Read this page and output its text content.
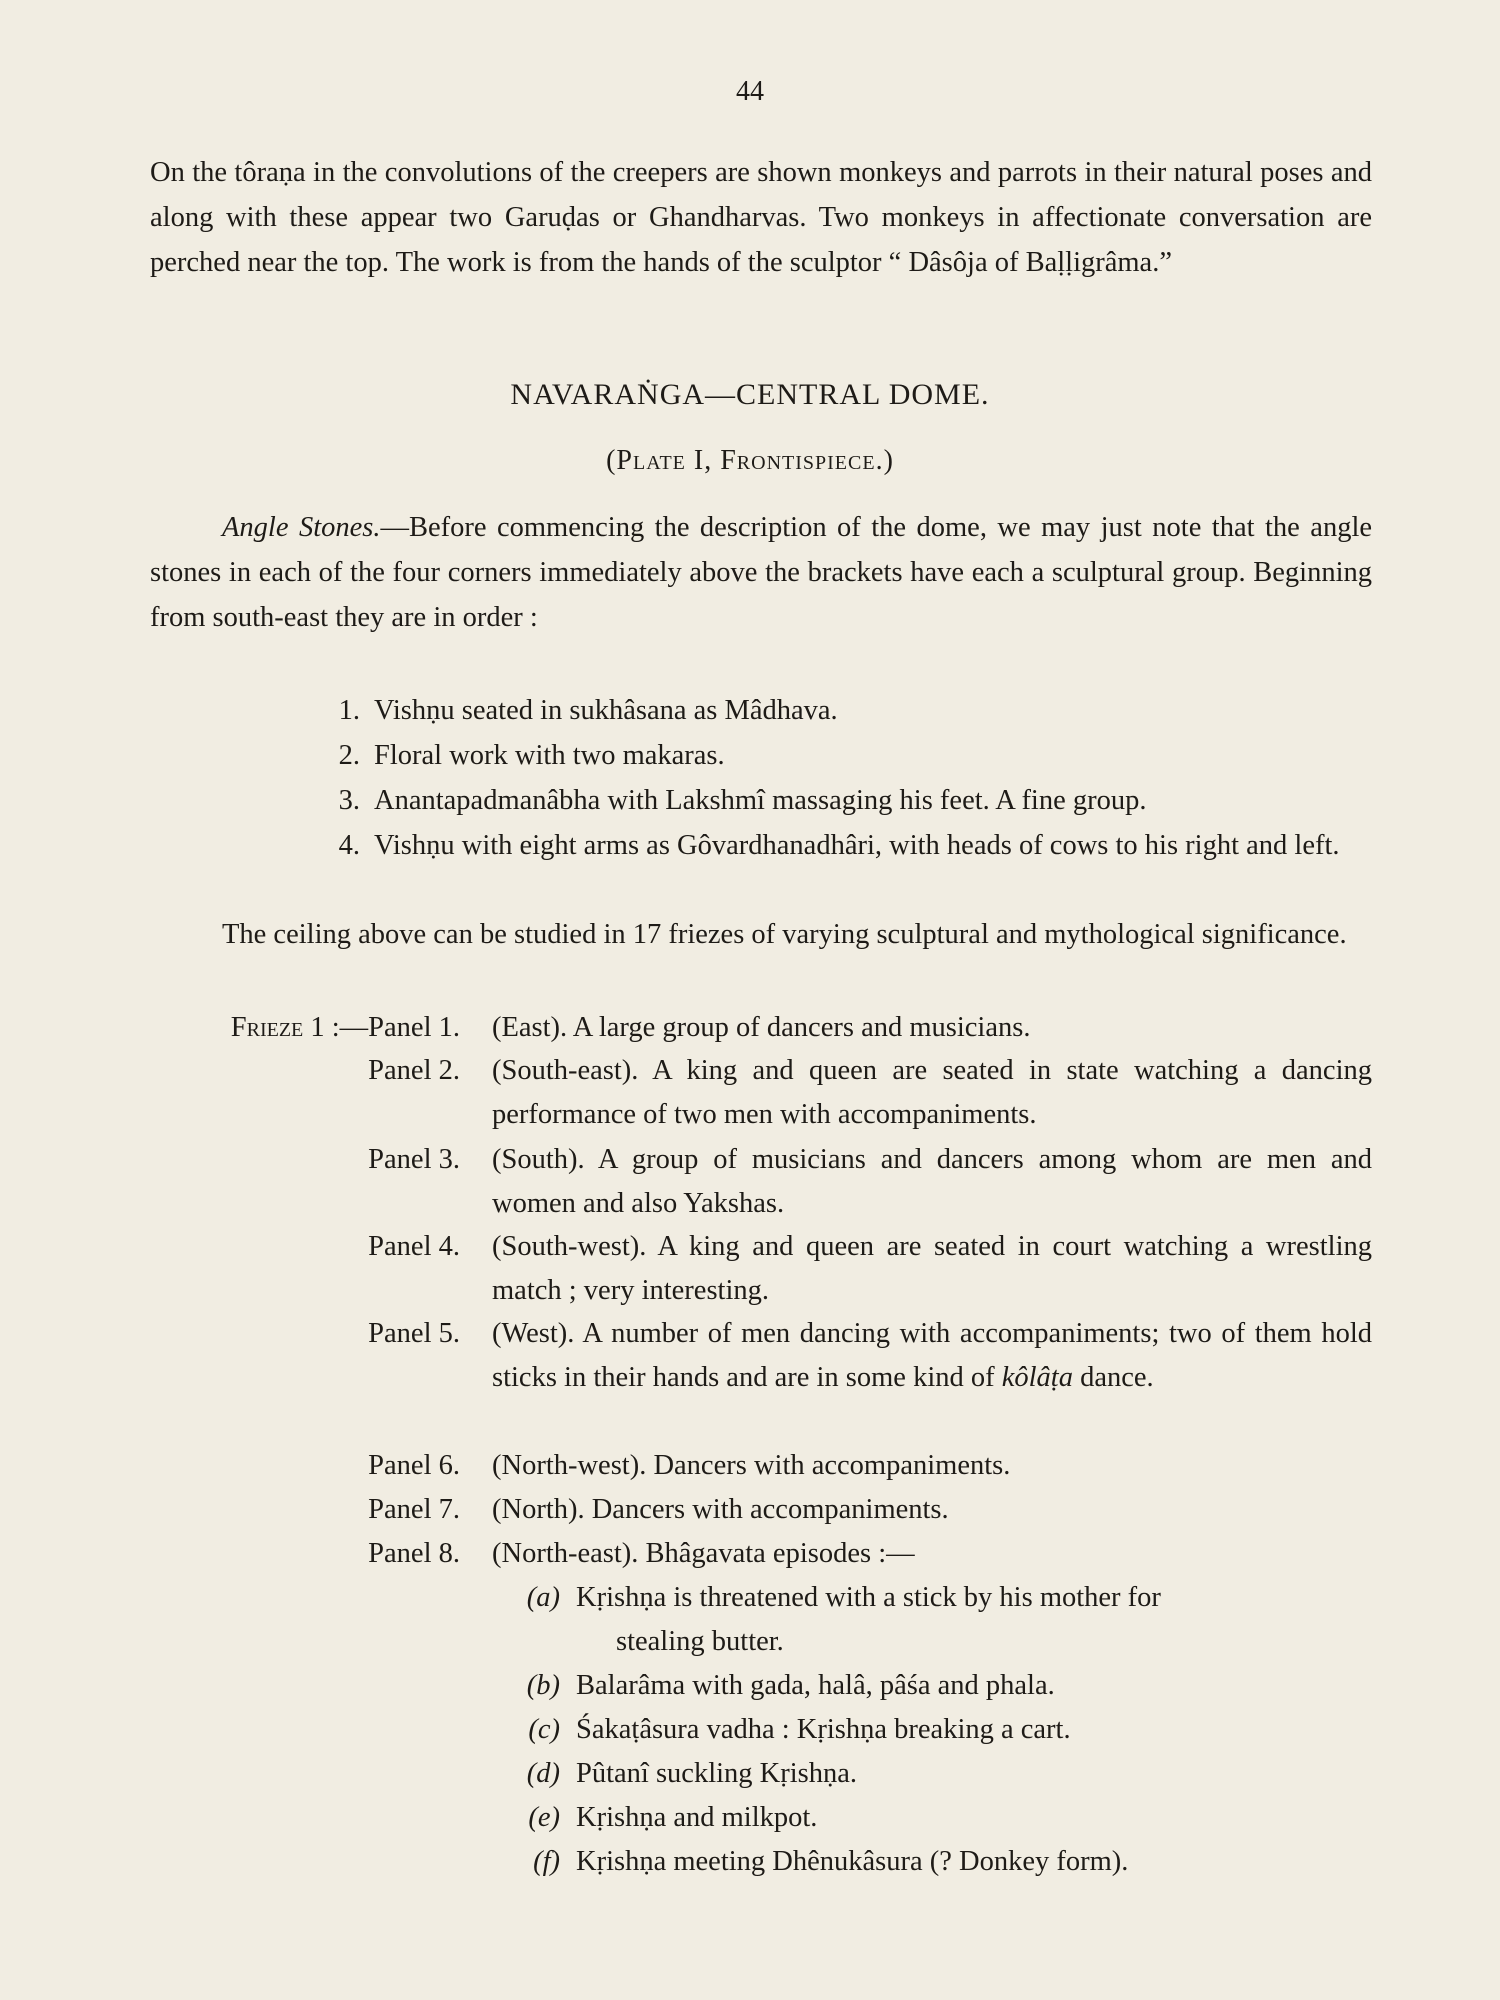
44
On the tôraṇa in the convolutions of the creepers are shown monkeys and parrots in their natural poses and along with these appear two Garuḍas or Ghandharvas. Two monkeys in affectionate conversation are perched near the top. The work is from the hands of the sculptor “ Dâsôja of Baḷḷigrâma.”
NAVARAṄGA—CENTRAL DOME.
(Plate I, Frontispiece.)
Angle Stones.—Before commencing the description of the dome, we may just note that the angle stones in each of the four corners immediately above the brackets have each a sculptural group. Beginning from south-east they are in order :
1. Vishṇu seated in sukhâsana as Mâdhava.
2. Floral work with two makaras.
3. Anantapadmanâbha with Lakshmî massaging his feet. A fine group.
4. Vishṇu with eight arms as Gôvardhanadhâri, with heads of cows to his right and left.
The ceiling above can be studied in 17 friezes of varying sculptural and mythological significance.
Frieze 1 :—Panel 1. (East). A large group of dancers and musicians.
Panel 2. (South-east). A king and queen are seated in state watching a dancing performance of two men with accompaniments.
Panel 3. (South). A group of musicians and dancers among whom are men and women and also Yakshas.
Panel 4. (South-west). A king and queen are seated in court watching a wrestling match ; very interesting.
Panel 5. (West). A number of men dancing with accompaniments; two of them hold sticks in their hands and are in some kind of kôlâṭa dance.
Panel 6. (North-west). Dancers with accompaniments.
Panel 7. (North). Dancers with accompaniments.
Panel 8. (North-east). Bhâgavata episodes :—
(a) Kṛishṇa is threatened with a stick by his mother for
stealing butter.
(b) Balarâma with gada, halâ, pâśa and phala.
(c) Śakaṭâsura vadha : Kṛishṇa breaking a cart.
(d) Pûtanî suckling Kṛishṇa.
(e) Kṛishṇa and milkpot.
(f) Kṛishṇa meeting Dhênukâsura (? Donkey form).
